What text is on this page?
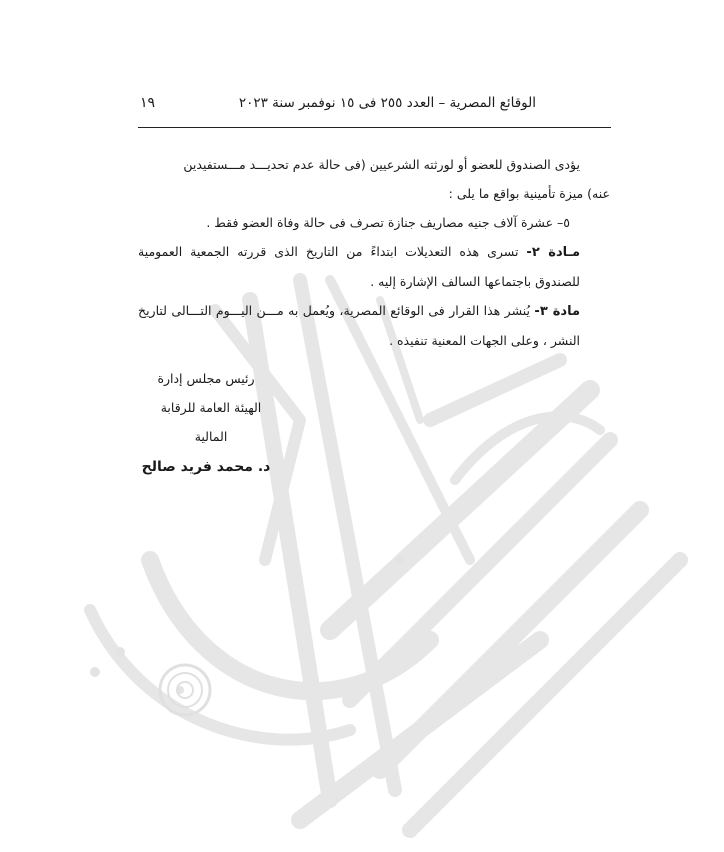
الوقائع المصرية – العدد ٢٥٥ فى ١٥ نوفمبر سنة ٢٠٢٣
١٩

يؤدى الصندوق للعضو أو لورثته الشرعيين (فى حالة عدم تحديـــد مـــستفيدين

عنه) ميزة تأمينية بواقع ما يلى :

٥– عشرة آلاف جنيه مصاريف جنازة تصرف فى حالة وفاة العضو فقط .

مـادة ٢- تسرى هذه التعديلات ابتداءً من التاريخ الذى قررته الجمعية العمومية للصندوق باجتماعها السالف الإشارة إليه .

مادة ٣- يُنشر هذا القرار فى الوقائع المصرية، ويُعمل به مـــن اليـــوم التـــالى لتاريخ النشر ، وعلى الجهات المعنية تنفيذه .

رئيس مجلس إدارة
الهيئة العامة للرقابة المالية
د. محمد فريد صالح
